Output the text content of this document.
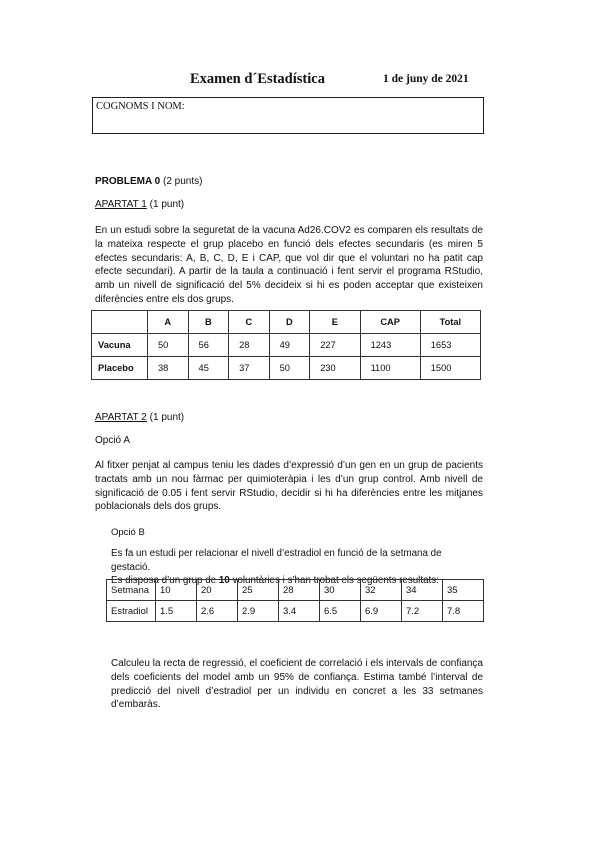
Examen d´Estadística	1 de juny de 2021
COGNOMS I NOM:
PROBLEMA 0 (2 punts)
APARTAT 1 (1 punt)
En un estudi sobre la seguretat de la vacuna Ad26.COV2 es comparen els resultats de la mateixa respecte el grup placebo en funció dels efectes secundaris (es miren 5 efectes secundaris: A, B, C, D, E i CAP, que vol dir que el voluntari no ha patit cap efecte secundari). A partir de la taula a continuació i fent servir el programa RStudio, amb un nivell de significació del 5% decideix si hi es poden acceptar que existeixen diferències entre els dos grups.
	A	B	C	D	E	CAP	Total
Vacuna	50	56	28	49	227	1243	1653
Placebo	38	45	37	50	230	1100	1500
APARTAT 2 (1 punt)
Opció A
Al fitxer penjat al campus teniu les dades d’expressió d’un gen en un grup de pacients tractats amb un nou fàrmac per quimioteràpia i les d’un grup control. Amb nivell de significació de 0.05 i fent servir RStudio, decidir si hi ha diferències entre les mitjanes poblacionals dels dos grups.
Opció B
Es fa un estudi per relacionar el nivell d’estradiol en funció de la setmana de gestació.
Es disposa d’un grup de 10 voluntàries i s’han trobat els següents resultats:
Setmana	10	20	25	28	30	32	34	35
Estradiol	1.5	2.6	2.9	3.4	6.5	6.9	7.2	7.8
Calculeu la recta de regressió, el coeficient de correlació i els intervals de confiança dels coeficients del model amb un 95% de confiança. Estima també l’interval de predicció del nivell d’estradiol per un individu en concret a les 33 setmanes d’embaràs.
